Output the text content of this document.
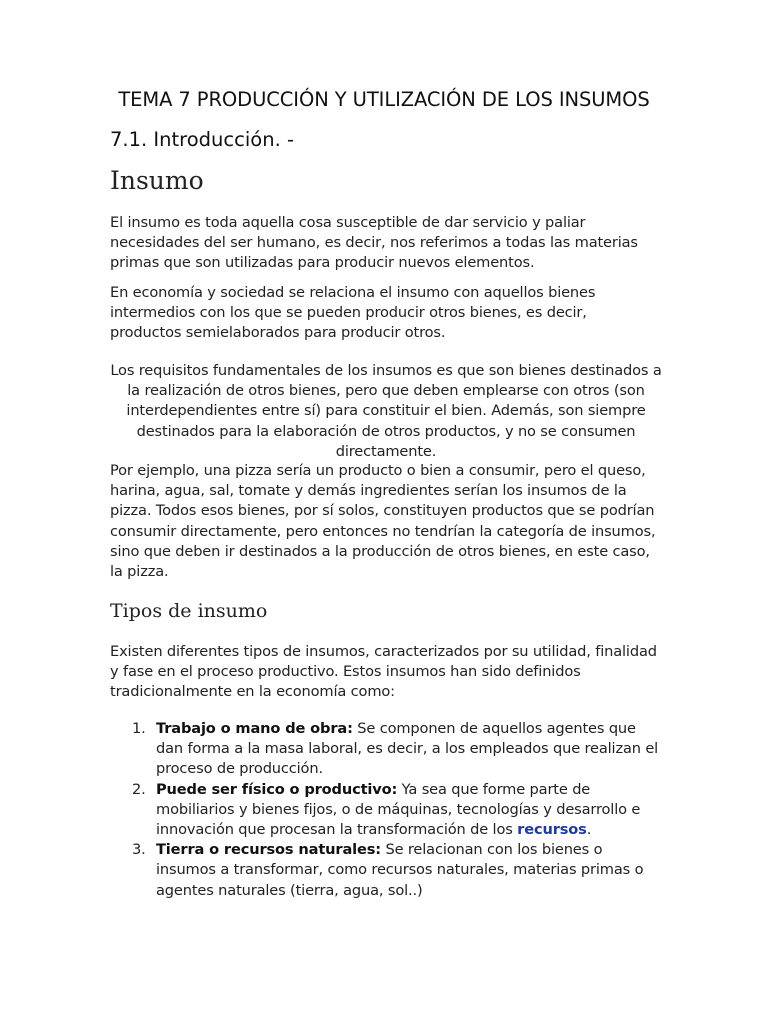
TEMA 7 PRODUCCIÓN Y UTILIZACIÓN DE LOS INSUMOS
7.1. Introducción. -
Insumo

El insumo es toda aquella cosa susceptible de dar servicio y paliar necesidades del ser humano, es decir, nos referimos a todas las materias primas que son utilizadas para producir nuevos elementos.

En economía y sociedad se relaciona el insumo con aquellos bienes intermedios con los que se pueden producir otros bienes, es decir, productos semielaborados para producir otros.

Los requisitos fundamentales de los insumos es que son bienes destinados a la realización de otros bienes, pero que deben emplearse con otros (son interdependientes entre sí) para constituir el bien. Además, son siempre destinados para la elaboración de otros productos, y no se consumen directamente.

Por ejemplo, una pizza sería un producto o bien a consumir, pero el queso, harina, agua, sal, tomate y demás ingredientes serían los insumos de la pizza. Todos esos bienes, por sí solos, constituyen productos que se podrían consumir directamente, pero entonces no tendrían la categoría de insumos, sino que deben ir destinados a la producción de otros bienes, en este caso, la pizza.

Tipos de insumo

Existen diferentes tipos de insumos, caracterizados por su utilidad, finalidad y fase en el proceso productivo. Estos insumos han sido definidos tradicionalmente en la economía como:

1. Trabajo o mano de obra: Se componen de aquellos agentes que dan forma a la masa laboral, es decir, a los empleados que realizan el proceso de producción.
2. Puede ser físico o productivo: Ya sea que forme parte de mobiliarios y bienes fijos, o de máquinas, tecnologías y desarrollo e innovación que procesan la transformación de los recursos.
3. Tierra o recursos naturales: Se relacionan con los bienes o insumos a transformar, como recursos naturales, materias primas o agentes naturales (tierra, agua, sol..)
